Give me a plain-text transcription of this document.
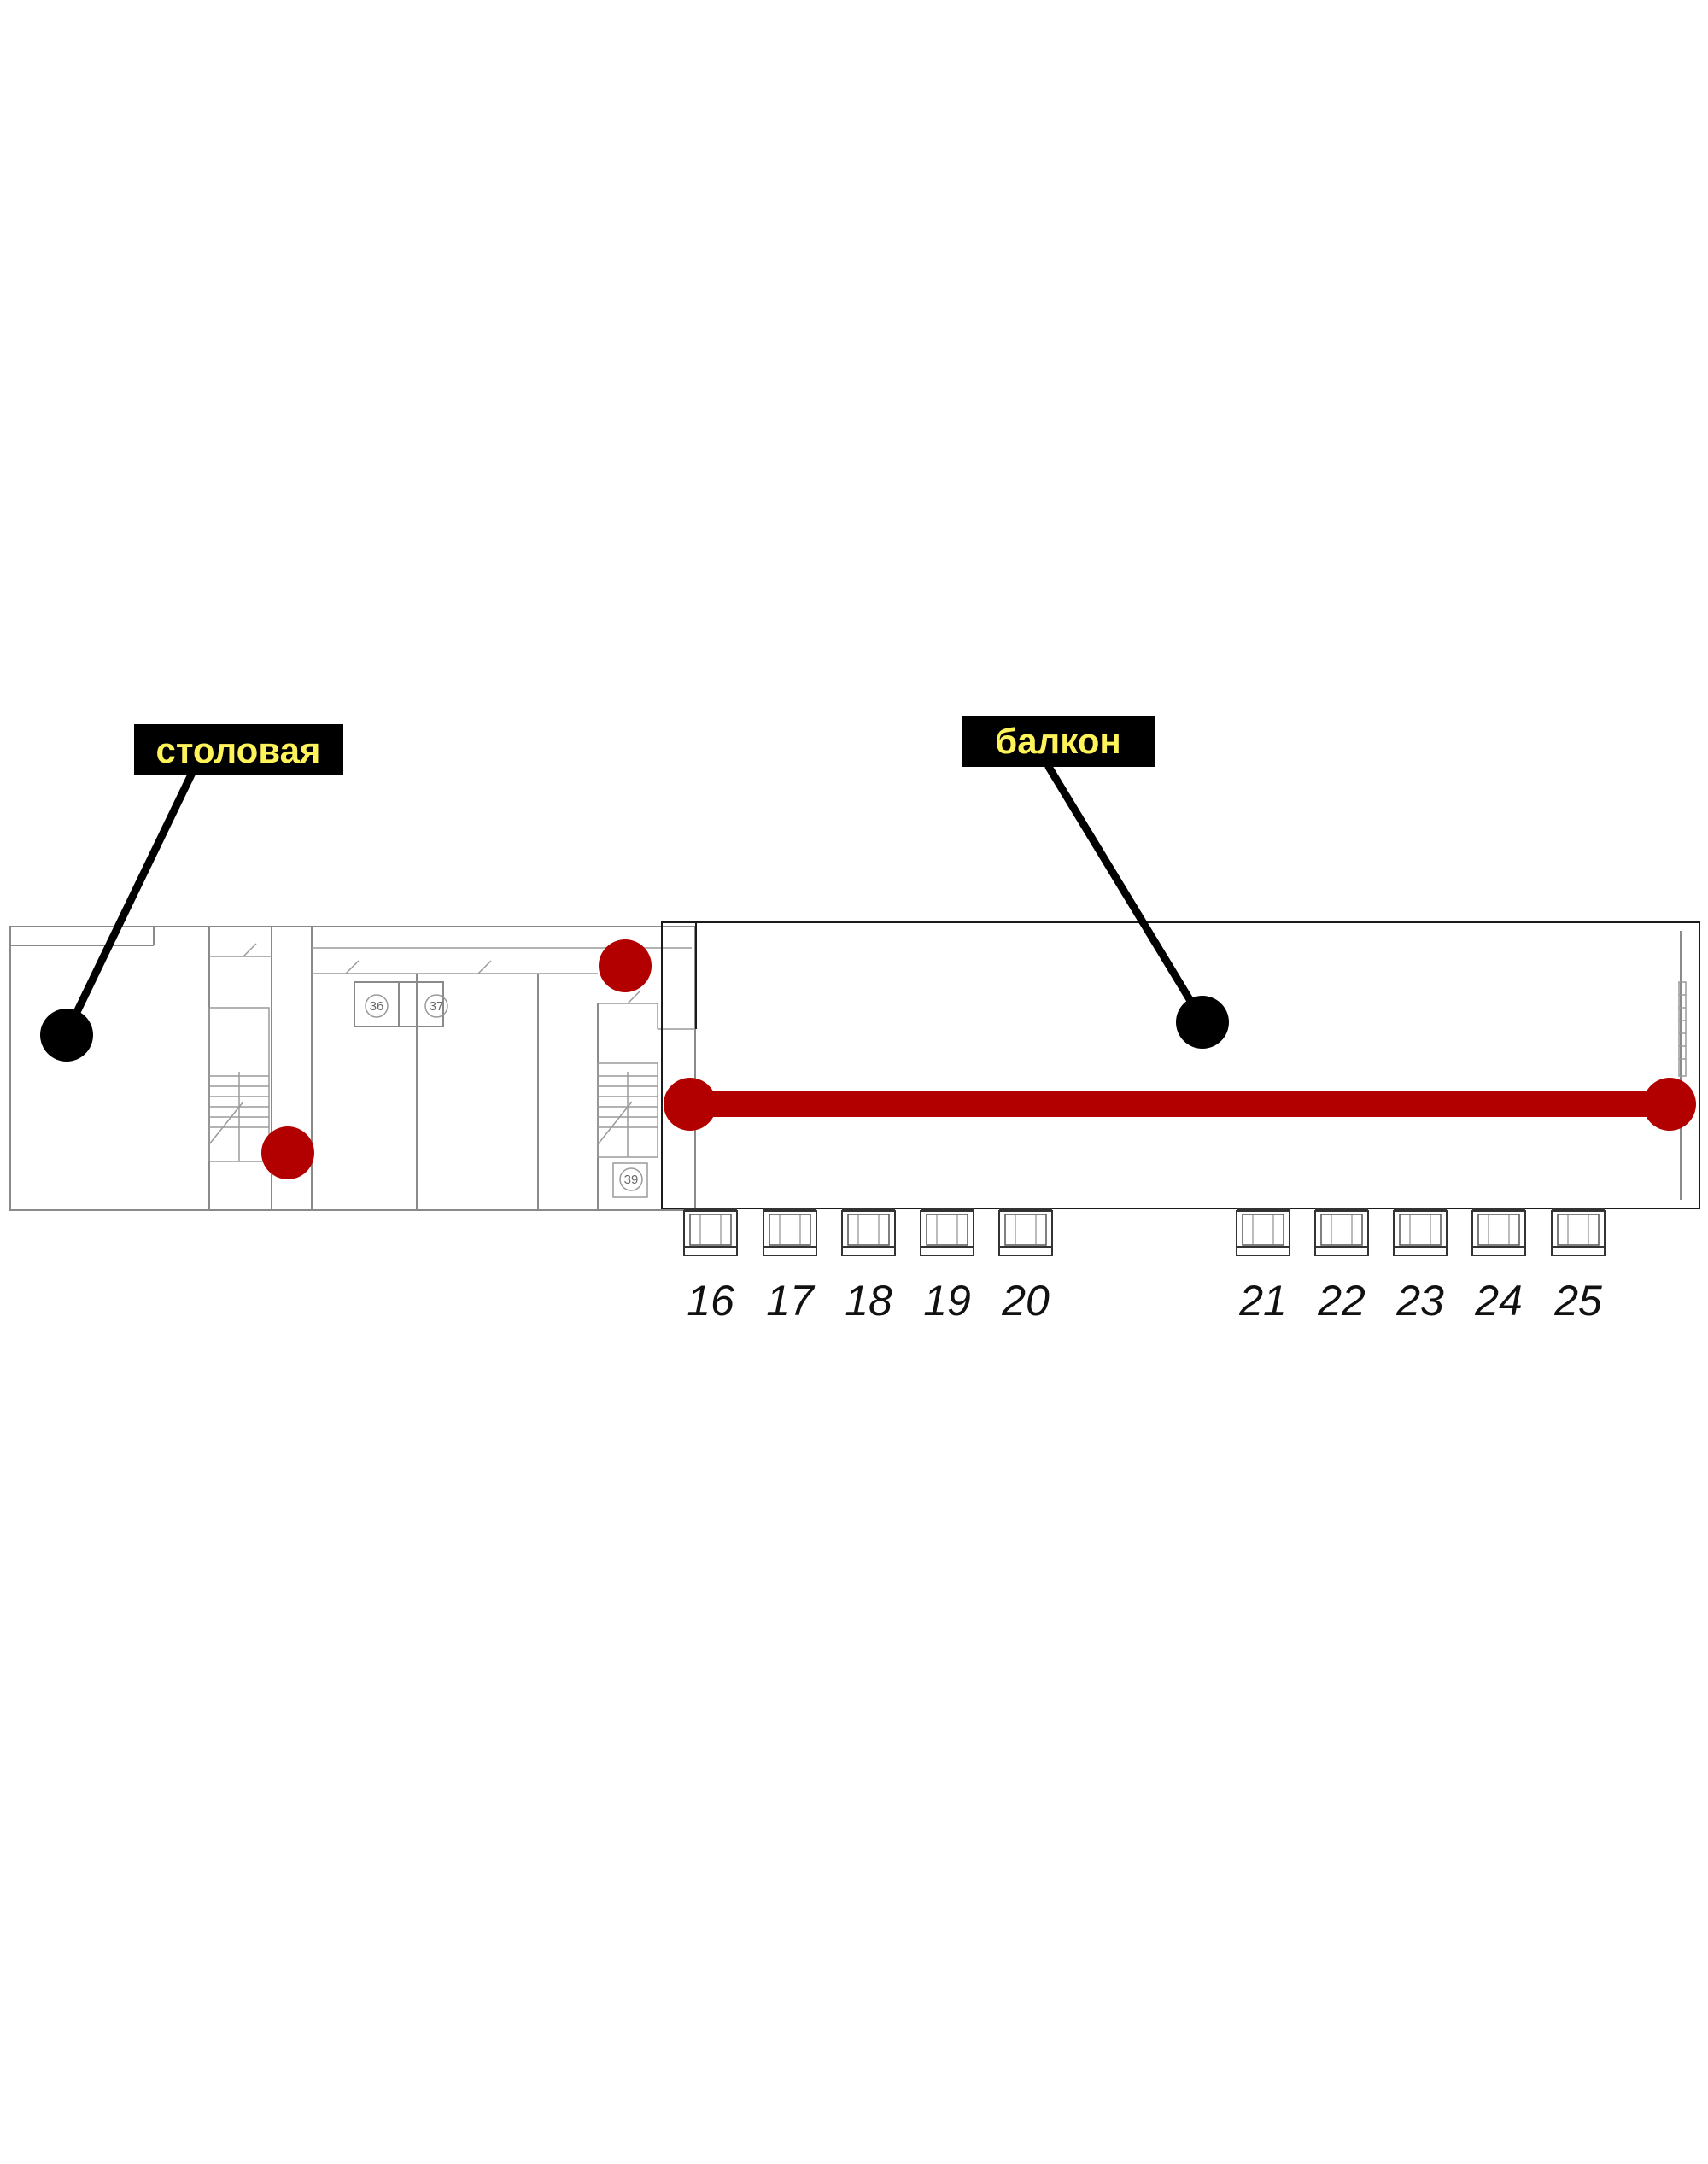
36	37
39
столовая	балкон
16 17 18 19 20	21 22 23 24 25
